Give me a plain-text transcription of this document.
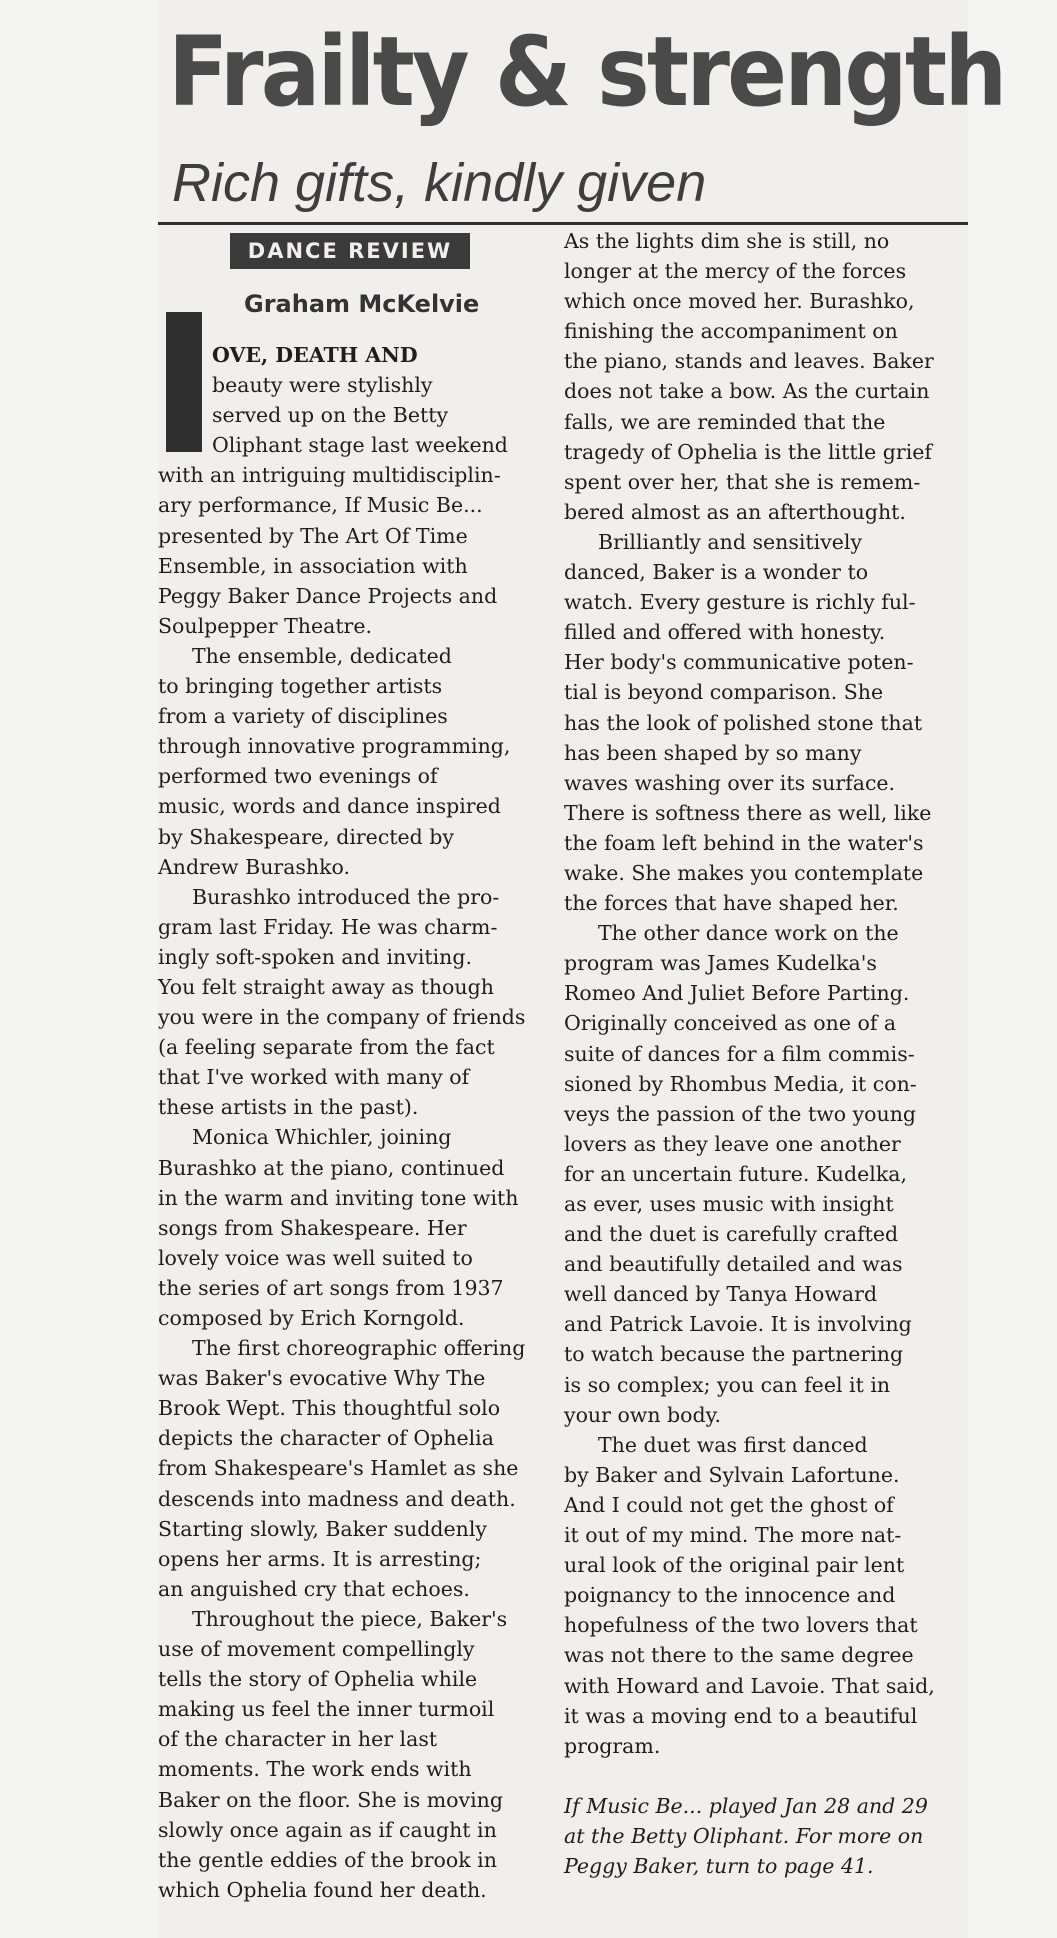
Frailty & strength
Rich gifts, kindly given
DANCE REVIEW
Graham McKelvie

OVE, DEATH AND
beauty were stylishly
served up on the Betty
Oliphant stage last weekend
with an intriguing multidisciplin-
ary performance, If Music Be...
presented by The Art Of Time
Ensemble, in association with
Peggy Baker Dance Projects and
Soulpepper Theatre.

The ensemble, dedicated
to bringing together artists
from a variety of disciplines
through innovative programming,
performed two evenings of
music, words and dance inspired
by Shakespeare, directed by
Andrew Burashko.

Burashko introduced the pro-
gram last Friday. He was charm-
ingly soft-spoken and inviting.
You felt straight away as though
you were in the company of friends
(a feeling separate from the fact
that I've worked with many of
these artists in the past).

Monica Whichler, joining
Burashko at the piano, continued
in the warm and inviting tone with
songs from Shakespeare. Her
lovely voice was well suited to
the series of art songs from 1937
composed by Erich Korngold.

The first choreographic offering
was Baker's evocative Why The
Brook Wept. This thoughtful solo
depicts the character of Ophelia
from Shakespeare's Hamlet as she
descends into madness and death.
Starting slowly, Baker suddenly
opens her arms. It is arresting;
an anguished cry that echoes.

Throughout the piece, Baker's
use of movement compellingly
tells the story of Ophelia while
making us feel the inner turmoil
of the character in her last
moments. The work ends with
Baker on the floor. She is moving
slowly once again as if caught in
the gentle eddies of the brook in
which Ophelia found her death.

As the lights dim she is still, no
longer at the mercy of the forces
which once moved her. Burashko,
finishing the accompaniment on
the piano, stands and leaves. Baker
does not take a bow. As the curtain
falls, we are reminded that the
tragedy of Ophelia is the little grief
spent over her, that she is remem-
bered almost as an afterthought.

Brilliantly and sensitively
danced, Baker is a wonder to
watch. Every gesture is richly ful-
filled and offered with honesty.
Her body's communicative poten-
tial is beyond comparison. She
has the look of polished stone that
has been shaped by so many
waves washing over its surface.
There is softness there as well, like
the foam left behind in the water's
wake. She makes you contemplate
the forces that have shaped her.

The other dance work on the
program was James Kudelka's
Romeo And Juliet Before Parting.
Originally conceived as one of a
suite of dances for a film commis-
sioned by Rhombus Media, it con-
veys the passion of the two young
lovers as they leave one another
for an uncertain future. Kudelka,
as ever, uses music with insight
and the duet is carefully crafted
and beautifully detailed and was
well danced by Tanya Howard
and Patrick Lavoie. It is involving
to watch because the partnering
is so complex; you can feel it in
your own body.

The duet was first danced
by Baker and Sylvain Lafortune.
And I could not get the ghost of
it out of my mind. The more nat-
ural look of the original pair lent
poignancy to the innocence and
hopefulness of the two lovers that
was not there to the same degree
with Howard and Lavoie. That said,
it was a moving end to a beautiful
program.

If Music Be... played Jan 28 and 29
at the Betty Oliphant. For more on
Peggy Baker, turn to page 41.
